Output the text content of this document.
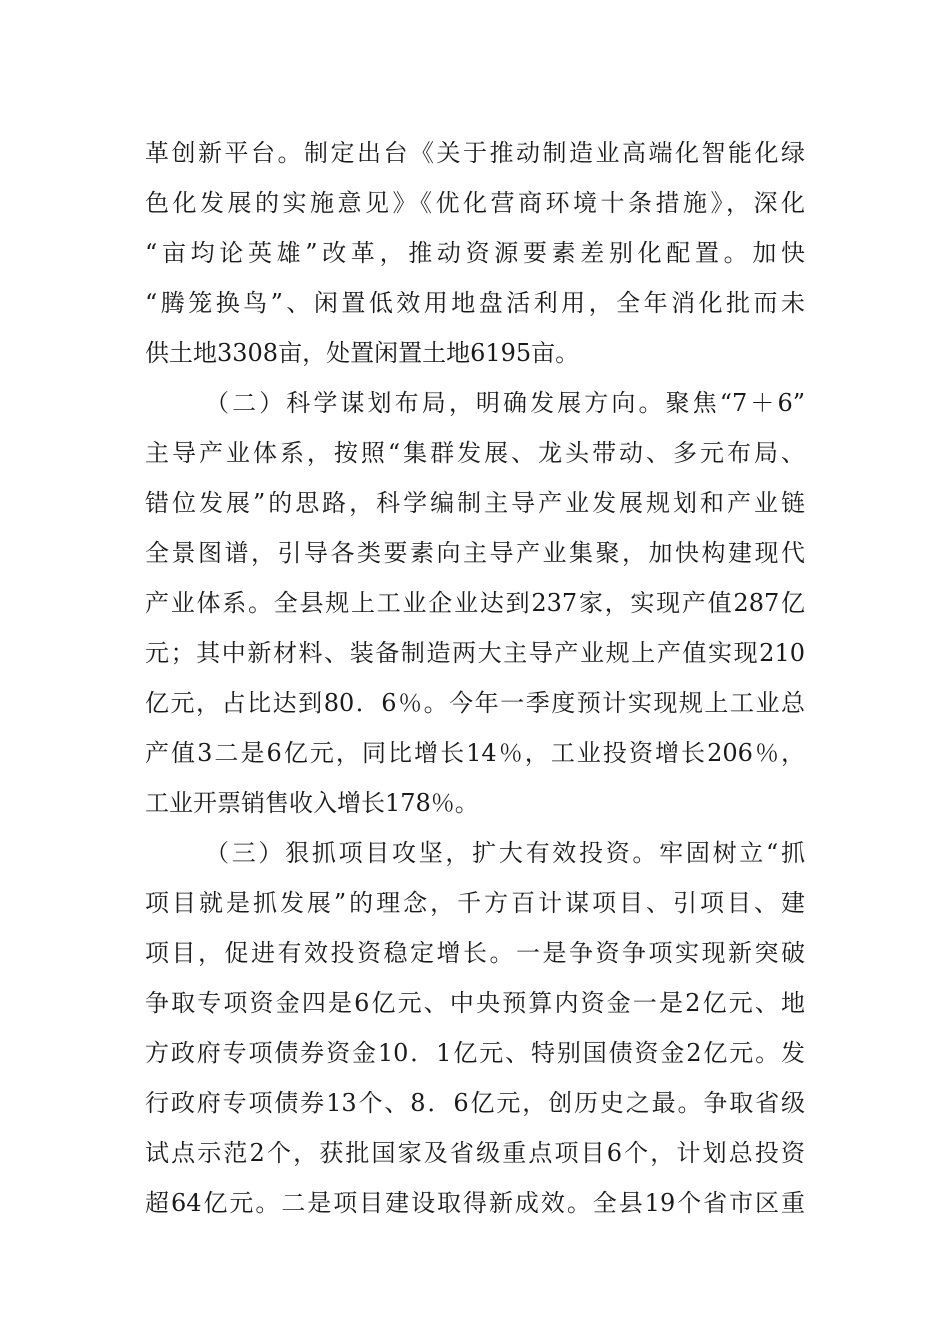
革创新平台。制定出台《关于推动制造业高端化智能化绿
色化发展的实施意见》《优化营商环境十条措施》，深化
“亩均论英雄”改革，推动资源要素差别化配置。加快
“腾笼换鸟”、闲置低效用地盘活利用，全年消化批而未
供土地3308亩，处置闲置土地6195亩。
（二）科学谋划布局，明确发展方向。聚焦“7＋6”
主导产业体系，按照“集群发展、龙头带动、多元布局、
错位发展”的思路，科学编制主导产业发展规划和产业链
全景图谱，引导各类要素向主导产业集聚，加快构建现代
产业体系。全县规上工业企业达到237家，实现产值287亿
元；其中新材料、装备制造两大主导产业规上产值实现210
亿元，占比达到80．6％。今年一季度预计实现规上工业总
产值3二是6亿元，同比增长14％，工业投资增长206％，
工业开票销售收入增长178％。
（三）狠抓项目攻坚，扩大有效投资。牢固树立“抓
项目就是抓发展”的理念，千方百计谋项目、引项目、建
项目，促进有效投资稳定增长。一是争资争项实现新突破
争取专项资金四是6亿元、中央预算内资金一是2亿元、地
方政府专项债券资金10．1亿元、特别国债资金2亿元。发
行政府专项债券13个、8．6亿元，创历史之最。争取省级
试点示范2个，获批国家及省级重点项目6个，计划总投资
超64亿元。二是项目建设取得新成效。全县19个省市区重
